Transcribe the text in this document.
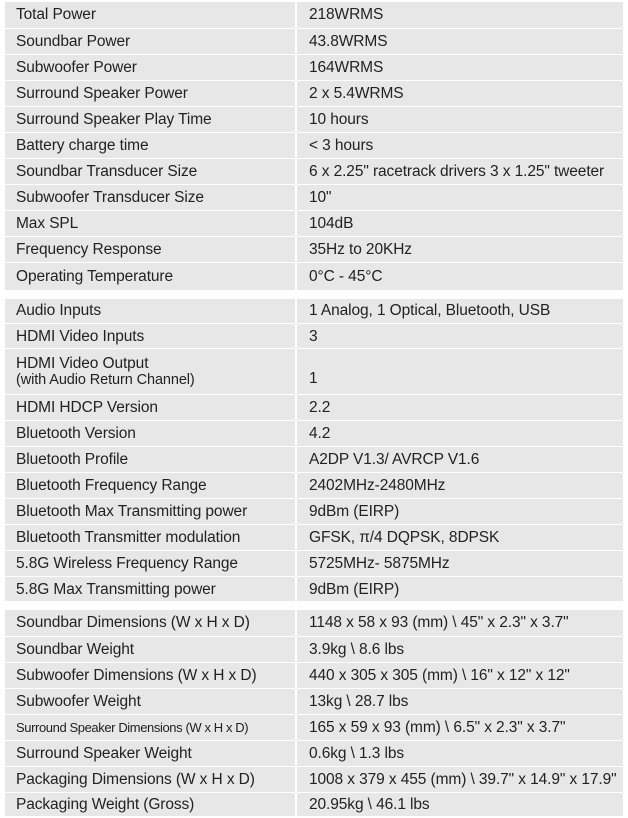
Total Power	218WRMS
Soundbar Power	43.8WRMS
Subwoofer Power	164WRMS
Surround Speaker Power	2 x 5.4WRMS
Surround Speaker Play Time	10 hours
Battery charge time	< 3 hours
Soundbar Transducer Size	6 x 2.25" racetrack drivers 3 x 1.25" tweeter
Subwoofer Transducer Size	10"
Max SPL	104dB
Frequency Response	35Hz to 20KHz
Operating Temperature	0°C - 45°C
Audio Inputs	1 Analog, 1 Optical, Bluetooth, USB
HDMI Video Inputs	3

HDMI Video Output
(with Audio Return Channel)	1
HDMI HDCP Version	2.2
Bluetooth Version	4.2
Bluetooth Profile	A2DP V1.3/ AVRCP V1.6
Bluetooth Frequency Range	2402MHz-2480MHz
Bluetooth Max Transmitting power	9dBm (EIRP)
Bluetooth Transmitter modulation	GFSK, π/4 DQPSK, 8DPSK
5.8G Wireless Frequency Range	5725MHz- 5875MHz
5.8G Max Transmitting power	9dBm (EIRP)
Soundbar Dimensions (W x H x D)	1148 x 58 x 93 (mm) \ 45" x 2.3" x 3.7"
Soundbar Weight	3.9kg \ 8.6 lbs
Subwoofer Dimensions (W x H x D)	440 x 305 x 305 (mm) \ 16" x 12" x 12"
Subwoofer Weight	13kg \ 28.7 lbs
Surround Speaker Dimensions (W x H x D)	165 x 59 x 93 (mm) \ 6.5" x 2.3" x 3.7"
Surround Speaker Weight	0.6kg \ 1.3 lbs
Packaging Dimensions (W x H x D)	1008 x 379 x 455 (mm) \ 39.7" x 14.9" x 17.9"
Packaging Weight (Gross)	20.95kg \ 46.1 lbs
